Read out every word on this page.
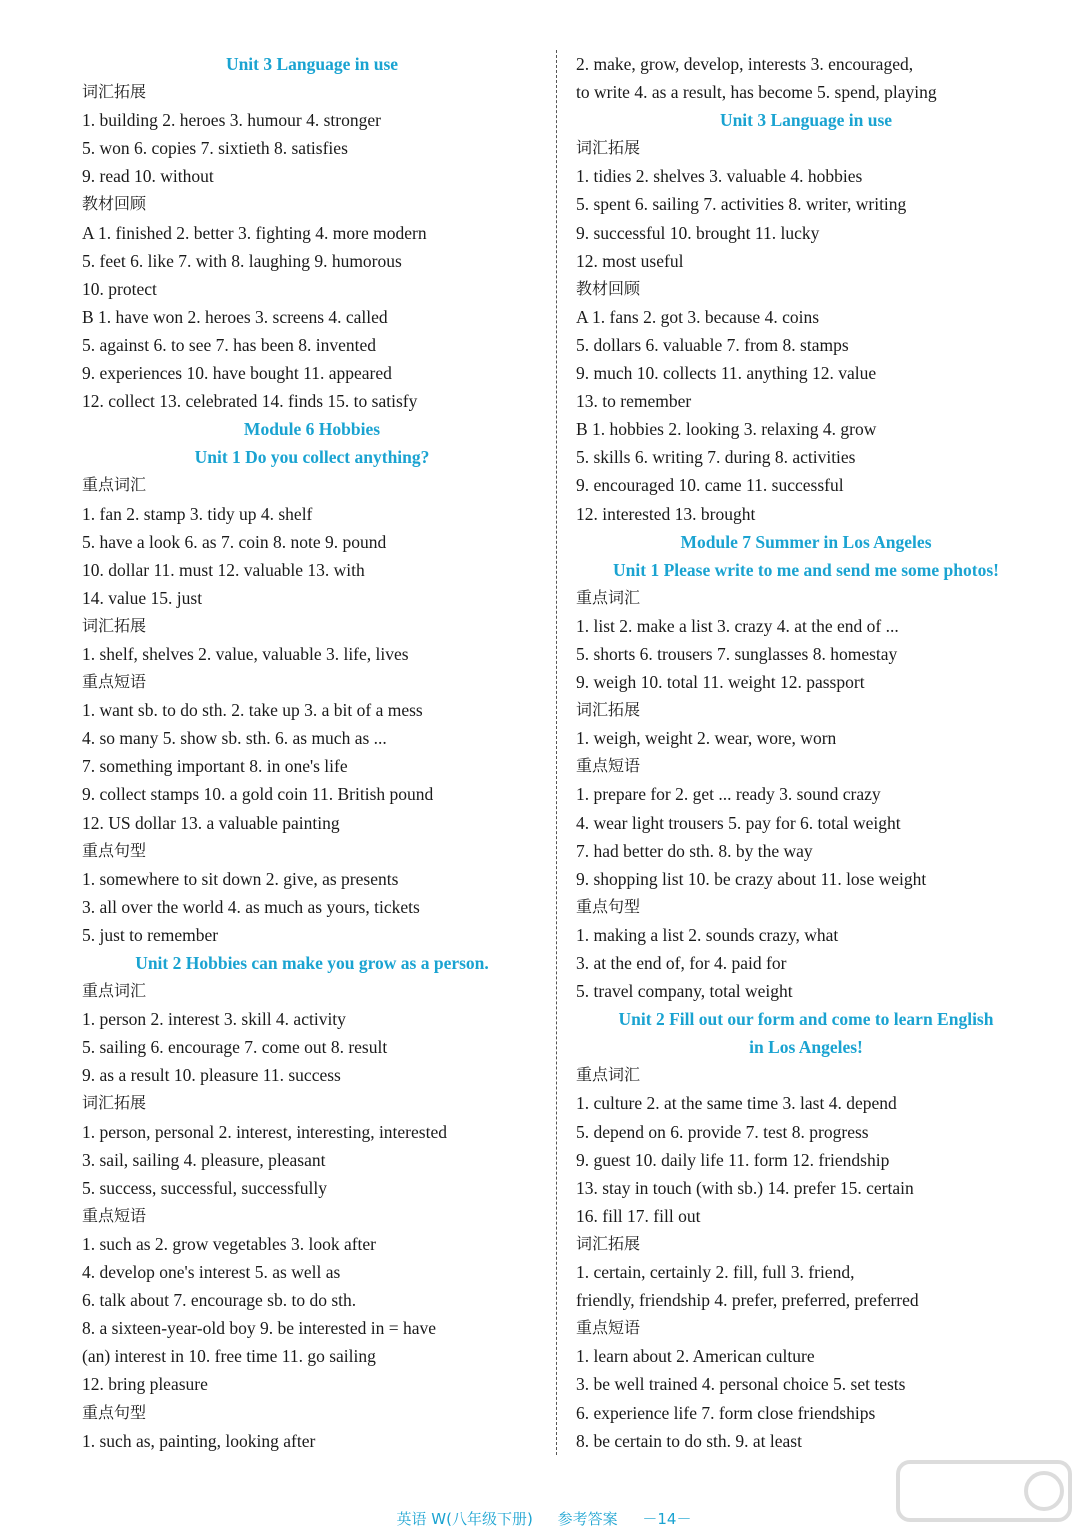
Unit 3 Language in use
词汇拓展
1. building 2. heroes 3. humour 4. stronger
5. won 6. copies 7. sixtieth 8. satisfies
9. read 10. without
教材回顾
A 1. finished 2. better 3. fighting 4. more modern
5. feet 6. like 7. with 8. laughing 9. humorous
10. protect
B 1. have won 2. heroes 3. screens 4. called
5. against 6. to see 7. has been 8. invented
9. experiences 10. have bought 11. appeared
12. collect 13. celebrated 14. finds 15. to satisfy
Module 6 Hobbies
Unit 1 Do you collect anything?
重点词汇
1. fan 2. stamp 3. tidy up 4. shelf
5. have a look 6. as 7. coin 8. note 9. pound
10. dollar 11. must 12. valuable 13. with
14. value 15. just
词汇拓展
1. shelf, shelves 2. value, valuable 3. life, lives
重点短语
1. want sb. to do sth. 2. take up 3. a bit of a mess
4. so many 5. show sb. sth. 6. as much as ...
7. something important 8. in one's life
9. collect stamps 10. a gold coin 11. British pound
12. US dollar 13. a valuable painting
重点句型
1. somewhere to sit down 2. give, as presents
3. all over the world 4. as much as yours, tickets
5. just to remember
Unit 2 Hobbies can make you grow as a person.
重点词汇
1. person 2. interest 3. skill 4. activity
5. sailing 6. encourage 7. come out 8. result
9. as a result 10. pleasure 11. success
词汇拓展
1. person, personal 2. interest, interesting, interested
3. sail, sailing 4. pleasure, pleasant
5. success, successful, successfully
重点短语
1. such as 2. grow vegetables 3. look after
4. develop one's interest 5. as well as
6. talk about 7. encourage sb. to do sth.
8. a sixteen-year-old boy 9. be interested in = have
(an) interest in 10. free time 11. go sailing
12. bring pleasure
重点句型
1. such as, painting, looking after
2. make, grow, develop, interests 3. encouraged,
to write 4. as a result, has become 5. spend, playing
Unit 3 Language in use
词汇拓展
1. tidies 2. shelves 3. valuable 4. hobbies
5. spent 6. sailing 7. activities 8. writer, writing
9. successful 10. brought 11. lucky
12. most useful
教材回顾
A 1. fans 2. got 3. because 4. coins
5. dollars 6. valuable 7. from 8. stamps
9. much 10. collects 11. anything 12. value
13. to remember
B 1. hobbies 2. looking 3. relaxing 4. grow
5. skills 6. writing 7. during 8. activities
9. encouraged 10. came 11. successful
12. interested 13. brought
Module 7 Summer in Los Angeles
Unit 1 Please write to me and send me some photos!
重点词汇
1. list 2. make a list 3. crazy 4. at the end of ...
5. shorts 6. trousers 7. sunglasses 8. homestay
9. weigh 10. total 11. weight 12. passport
词汇拓展
1. weigh, weight 2. wear, wore, worn
重点短语
1. prepare for 2. get ... ready 3. sound crazy
4. wear light trousers 5. pay for 6. total weight
7. had better do sth. 8. by the way
9. shopping list 10. be crazy about 11. lose weight
重点句型
1. making a list 2. sounds crazy, what
3. at the end of, for 4. paid for
5. travel company, total weight
Unit 2 Fill out our form and come to learn English
in Los Angeles!
重点词汇
1. culture 2. at the same time 3. last 4. depend
5. depend on 6. provide 7. test 8. progress
9. guest 10. daily life 11. form 12. friendship
13. stay in touch (with sb.) 14. prefer 15. certain
16. fill 17. fill out
词汇拓展
1. certain, certainly 2. fill, full 3. friend,
friendly, friendship 4. prefer, preferred, preferred
重点短语
1. learn about 2. American culture
3. be well trained 4. personal choice 5. set tests
6. experience life 7. form close friendships
8. be certain to do sth. 9. at least
英语 W(八年级下册) 参考答案 －14－
